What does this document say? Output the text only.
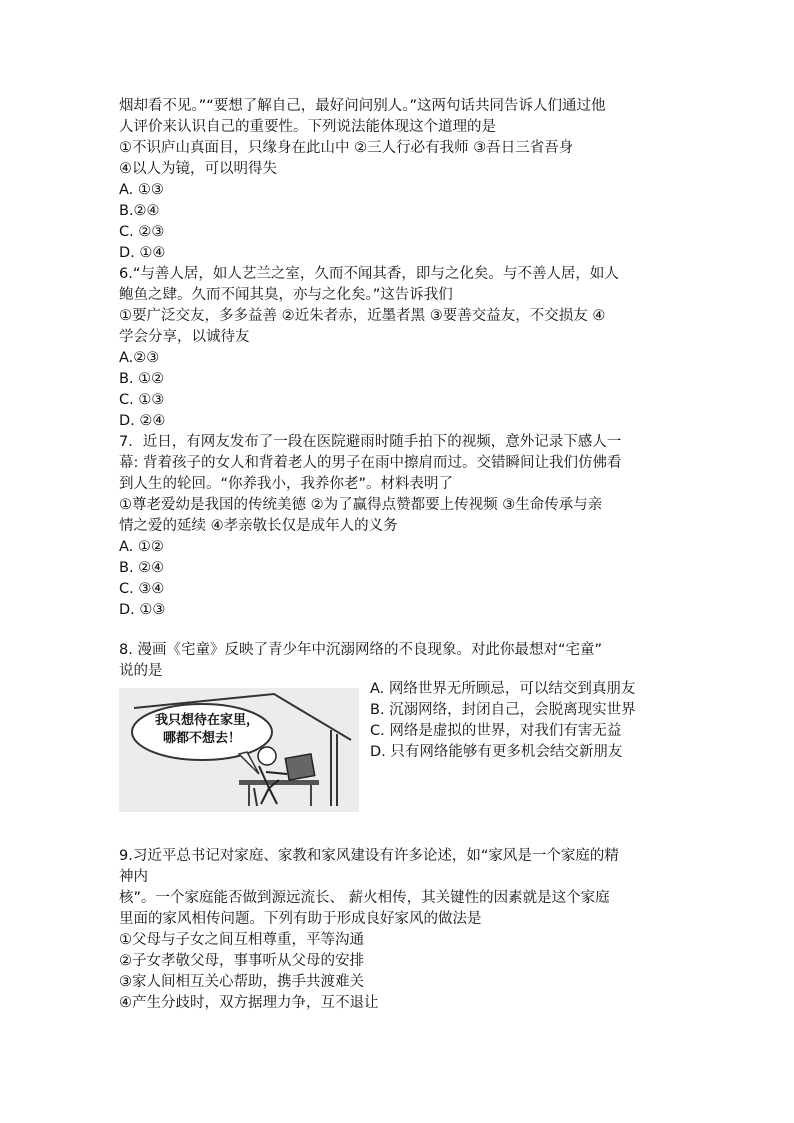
烟却看不见。”“要想了解自己，最好问问别人。”这两句话共同告诉人们通过他
人评价来认识自己的重要性。下列说法能体现这个道理的是
①不识庐山真面目，只缘身在此山中 ②三人行必有我师 ③吾日三省吾身
④以人为镜，可以明得失
A. ①③
B.②④
C. ②③
D. ①④
6.“与善人居，如人艺兰之室，久而不闻其香，即与之化矣。与不善人居，如人
鲍鱼之肆。久而不闻其臭，亦与之化矣。”这告诉我们
①要广泛交友，多多益善 ②近朱者赤，近墨者黑 ③要善交益友，不交损友 ④
学会分享，以诚待友
A.②③
B. ①②
C. ①③
D. ②④
7．近日，有网友发布了一段在医院避雨时随手拍下的视频，意外记录下感人一
幕: 背着孩子的女人和背着老人的男子在雨中擦肩而过。交错瞬间让我们仿佛看
到人生的轮回。“你养我小，我养你老”。材料表明了
①尊老爱幼是我国的传统美德 ②为了赢得点赞都要上传视频 ③生命传承与亲
情之爱的延续 ④孝亲敬长仅是成年人的义务
A. ①②
B. ②④
C. ③④
D. ①③
8. 漫画《宅童》反映了青少年中沉溺网络的不良现象。对此你最想对“宅童”
说的是
我只想待在家里，
哪都不想去！
A. 网络世界无所顾忌，可以结交到真朋友
B. 沉溺网络，封闭自己，会脱离现实世界
C. 网络是虚拟的世界，对我们有害无益
D. 只有网络能够有更多机会结交新朋友
9.习近平总书记对家庭、家教和家风建设有许多论述，如“家风是一个家庭的精
神内
核”。一个家庭能否做到源远流长、 薪火相传，其关键性的因素就是这个家庭
里面的家风相传问题。下列有助于形成良好家风的做法是
①父母与子女之间互相尊重，平等沟通
②子女孝敬父母，事事听从父母的安排
③家人间相互关心帮助，携手共渡难关
④产生分歧时，双方据理力争，互不退让
